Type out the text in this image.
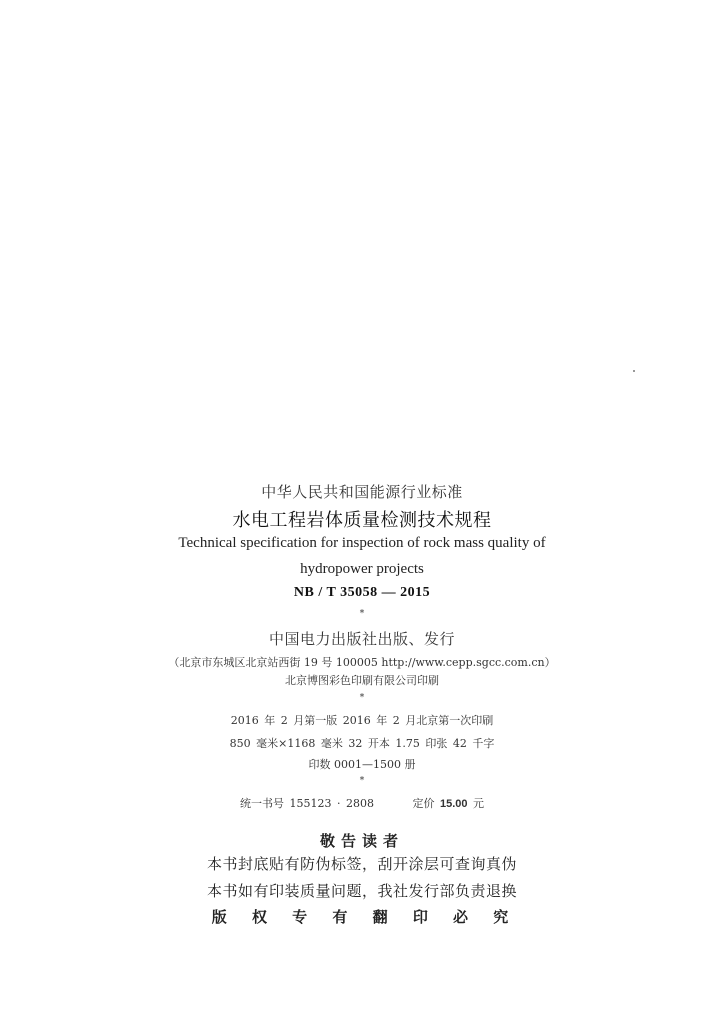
中华人民共和国能源行业标准
水电工程岩体质量检测技术规程
Technical specification for inspection of rock mass quality of
hydropower projects
NB / T 35058 — 2015
*
中国电力出版社出版、发行
（北京市东城区北京站西街 19 号 100005 http://www.cepp.sgcc.com.cn）
北京博图彩色印刷有限公司印刷
*
2016 年 2 月第一版 2016 年 2 月北京第一次印刷
850 毫米×1168 毫米 32 开本 1.75 印张 42 千字
印数 0001—1500 册
*
统一书号 155123 · 2808	定价 15.00 元
敬告读者
本书封底贴有防伪标签，刮开涂层可查询真伪
本书如有印装质量问题，我社发行部负责退换
版 权 专 有 翻 印 必 究
